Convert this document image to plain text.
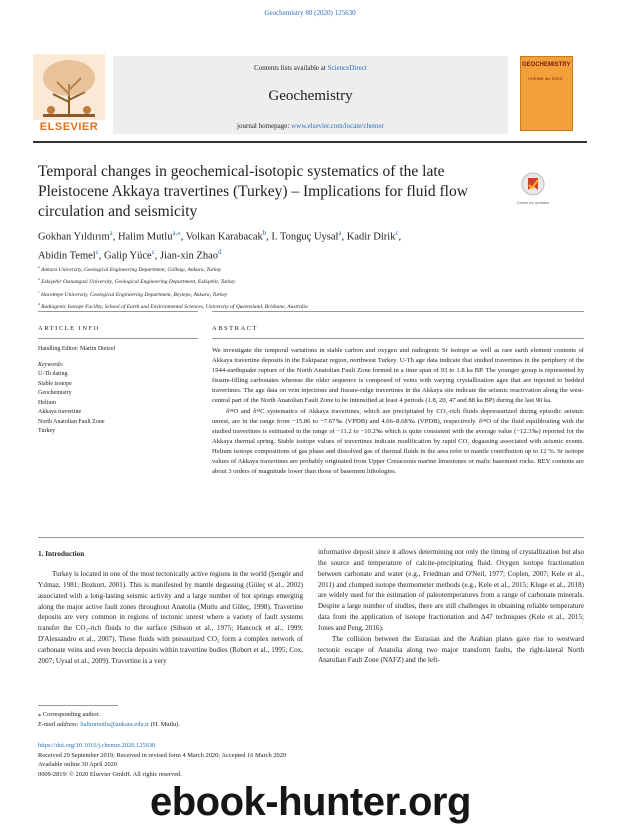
Geochemistry 80 (2020) 125630
ELSEVIER
Contents lists available at ScienceDirect
Geochemistry
journal homepage: www.elsevier.com/locate/chemer
GEOCHEMISTRY
CHEMIE der ERDE
Temporal changes in geochemical-isotopic systematics of the late Pleistocene Akkaya travertines (Turkey) – Implications for fluid flow circulation and seismicity
Check for updates
Gokhan Yıldırım$^a$, Halim Mutlu$^{a,⁎}$, Volkan Karabacak$^b$, I. Tonguç Uysal$^a$, Kadir Dirik$^c$,
Abidin Temel$^c$, Galip Yüce$^c$, Jian-xin Zhao$^d$
$^a$ Ankara University, Geological Engineering Department, Gölbaşı, Ankara, Turkey
$^b$ Eskişehir Osmangazi University, Geological Engineering Department, Eskişehir, Turkey
$^c$ Hacettepe University, Geological Engineering Department, Beytepe, Ankara, Turkey
$^d$ Radiogenic Isotope Facility, School of Earth and Environmental Sciences, University of Queensland, Brisbane, Australia
ARTICLE INFO	ABSTRACT
Handling Editor: Martin Dietzel
Keywords:
U-Th dating
Stable isotope
Geochemistry
Helium
Akkaya travertine
North Anatolian Fault Zone
Turkey
We investigate the temporal variations in stable carbon and oxygen and radiogenic Sr isotope as well as rare earth element contents of Akkaya travertine deposits in the Eskipazar region, northwest Turkey. U-Th age data indicate that studied travertines in the periphery of the 1944-earthquake rupture of the North Anatolian Fault Zone formed in a time span of 93 to 1.8 ka BP. The younger group is represented by fissure-filling carbonates whereas the older sequence is composed of veins with varying crystallization ages that are injected to bedded travertines. The age data on vein injections and fissure-ridge travertines in the Akkaya site indicate the seismic reactivation along the west-central part of the North Anatolian Fault Zone to be intensified at least 4 periods (1.8, 20, 47 and 88 ka BP) during the last 90 ka.
δ¹⁸O and δ¹³C systematics of Akkaya travertines, which are precipitated by CO₂-rich fluids depressurized during episodic seismic unrest, are in the range from −15.86 to −7.67‰ (VPDB) and 4.66–8.68‰ (VPDB), respectively. δ¹⁸O of the fluid equilibrating with the studied travertines is estimated in the range of −11.2 to −10.2‰ which is quite consistent with the average value (−12.3‰) reported for the Akkaya thermal spring. Stable isotope values of travertines indicate modification by rapid CO₂ degassing associated with seismic events. Helium isotope compositions of gas phase and dissolved gas of thermal fluids in the area refer to mantle contribution up to 12 %. Sr isotope values of Akkaya travertines are probably originated from Upper Cretaceous marine limestones or mafic basement rocks. REY contents are about 3 orders of magnitude lower than those of basement lithologies.
1. Introduction
Turkey is located in one of the most tectonically active regions in the world (Şengör and Yılmaz, 1981; Bozkurt, 2001). This is manifested by mantle degassing (Güleç et al., 2002) associated with a long-lasting seismic activity and a large number of hot springs emerging along the major active fault zones throughout Anatolia (Mutlu and Güleç, 1998). Travertine deposits are very common in regions of tectonic unrest where a variety of fault systems transfer the CO₂-rich fluids to the surface (Sibson et al., 1975; Hancock et al., 1999; D'Alessandro et al., 2007). These fluids with pressurized CO₂ form a complex network of carbonate veins and even breccia deposits within travertine bodies (Robert et al., 1995; Cox, 2007; Uysal et al., 2009). Travertine is a very
informative deposit since it allows determining not only the timing of crystallization but also the source and temperature of calcite-precipitating fluid. Oxygen isotope fractionation between carbonate and water (e.g., Friedman and O'Neil, 1977; Coplen, 2007; Kele et al., 2011) and clumped isotope thermometer methods (e.g., Kele et al., 2015; Kluge et al., 2018) are widely used for the estimation of paleotemperatures from a range of carbonate minerals. Despite a large number of studies, there are still challenges in obtaining reliable temperature data from the application of isotope fractionation and Δ47 techniques (Kele et al., 2015; Jones and Peng, 2016).
The collision between the Eurasian and the Arabian plates gave rise to westward tectonic escape of Anatolia along two major transform faults, the right-lateral North Anatolian Fault Zone (NAFZ) and the left-
⁎ Corresponding author.
E-mail address: halimmutlu@ankara.edu.tr (H. Mutlu).
https://doi.org/10.1016/j.chemer.2020.125630
Received 29 September 2019; Received in revised form 4 March 2020; Accepted 16 March 2020
Available online 30 April 2020
0009-2819/ © 2020 Elsevier GmbH. All rights reserved.
ebook-hunter.org
